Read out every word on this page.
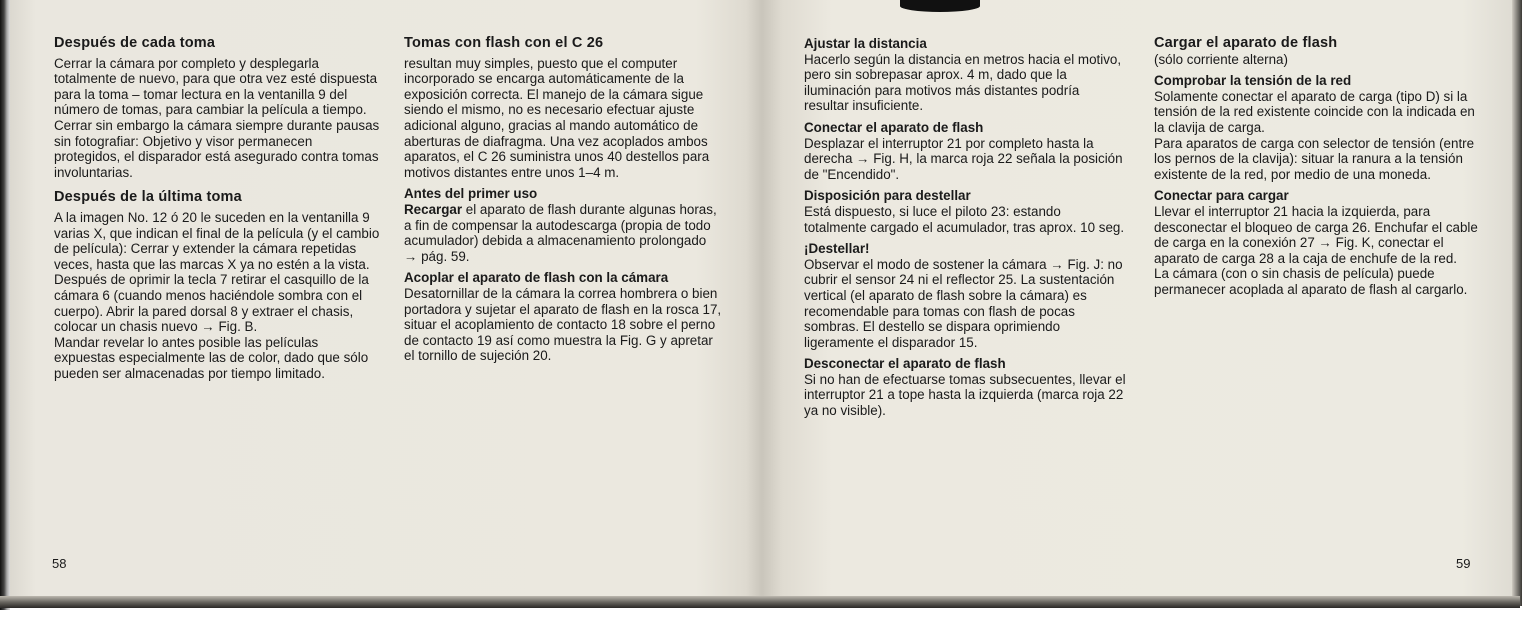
Después de cada toma

Cerrar la cámara por completo y desplegarla totalmente de nuevo, para que otra vez esté dispuesta para la toma – tomar lectura en la ventanilla 9 del número de tomas, para cambiar la película a tiempo.

Cerrar sin embargo la cámara siempre durante pausas sin fotografiar: Objetivo y visor permanecen protegidos, el disparador está asegurado contra tomas involuntarias.

Después de la última toma

A la imagen No. 12 ó 20 le suceden en la ventanilla 9 varias X, que indican el final de la película (y el cambio de película): Cerrar y extender la cámara repetidas veces, hasta que las marcas X ya no estén a la vista.

Después de oprimir la tecla 7 retirar el casquillo de la cámara 6 (cuando menos haciéndole sombra con el cuerpo). Abrir la pared dorsal 8 y extraer el chasis, colocar un chasis nuevo → Fig. B.

Mandar revelar lo antes posible las películas expuestas especialmente las de color, dado que sólo pueden ser almacenadas por tiempo limitado.

Tomas con flash con el C 26

resultan muy simples, puesto que el computer incorporado se encarga automáticamente de la exposición correcta. El manejo de la cámara sigue siendo el mismo, no es necesario efectuar ajuste adicional alguno, gracias al mando automático de aberturas de diafragma. Una vez acoplados ambos aparatos, el C 26 suministra unos 40 destellos para motivos distantes entre unos 1–4 m.

Antes del primer uso

Recargar el aparato de flash durante algunas horas, a fin de compensar la autodescarga (propia de todo acumulador) debida a almacenamiento prolongado → pág. 59.

Acoplar el aparato de flash con la cámara

Desatornillar de la cámara la correa hombrera o bien portadora y sujetar el aparato de flash en la rosca 17, situar el acoplamiento de contacto 18 sobre el perno de contacto 19 así como muestra la Fig. G y apretar el tornillo de sujeción 20.

58
Ajustar la distancia

Hacerlo según la distancia en metros hacia el motivo, pero sin sobrepasar aprox. 4 m, dado que la iluminación para motivos más distantes podría resultar insuficiente.

Conectar el aparato de flash

Desplazar el interruptor 21 por completo hasta la derecha → Fig. H, la marca roja 22 señala la posición de "Encendido".

Disposición para destellar

Está dispuesto, si luce el piloto 23: estando totalmente cargado el acumulador, tras aprox. 10 seg.

¡Destellar!

Observar el modo de sostener la cámara → Fig. J: no cubrir el sensor 24 ni el reflector 25. La sustentación vertical (el aparato de flash sobre la cámara) es recomendable para tomas con flash de pocas sombras. El destello se dispara oprimiendo ligeramente el disparador 15.

Desconectar el aparato de flash

Si no han de efectuarse tomas subsecuentes, llevar el interruptor 21 a tope hasta la izquierda (marca roja 22 ya no visible).

Cargar el aparato de flash

(sólo corriente alterna)

Comprobar la tensión de la red

Solamente conectar el aparato de carga (tipo D) si la tensión de la red existente coincide con la indicada en la clavija de carga.

Para aparatos de carga con selector de tensión (entre los pernos de la clavija): situar la ranura a la tensión existente de la red, por medio de una moneda.

Conectar para cargar

Llevar el interruptor 21 hacia la izquierda, para desconectar el bloqueo de carga 26. Enchufar el cable de carga en la conexión 27 → Fig. K, conectar el aparato de carga 28 a la caja de enchufe de la red.

La cámara (con o sin chasis de película) puede permanecer acoplada al aparato de flash al cargarlo.

59
